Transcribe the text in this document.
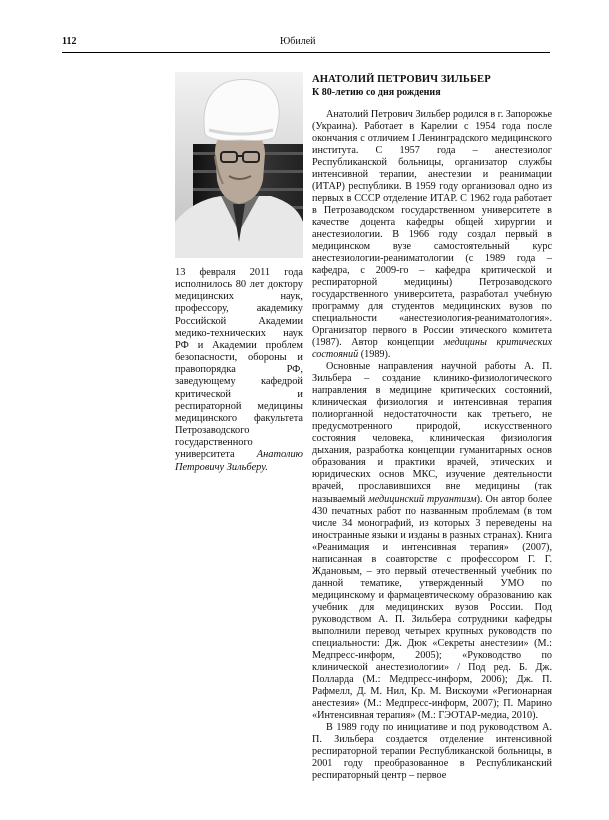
112	Юбилей
13 февраля 2011 года исполнилось 80 лет доктору медицинских наук, профессору, академику Российской Академии медико-технических наук РФ и Академии проблем безопасности, обороны и правопорядка РФ, заведующему кафедрой критической и респираторной медицины медицинского факультета Петрозаводского государственного университета Анатолию Петровичу Зильберу.
АНАТОЛИЙ ПЕТРОВИЧ ЗИЛЬБЕР
К 80-летию со дня рождения

Анатолий Петрович Зильбер родился в г. Запорожье (Украина). Работает в Карелии с 1954 года после окончания с отличием I Ленинградского медицинского института. С 1957 года – анестезиолог Республиканской больницы, организатор службы интенсивной терапии, анестезии и реанимации (ИТАР) республики. В 1959 году организовал одно из первых в СССР отделение ИТАР. С 1962 года работает в Петрозаводском государственном университете в качестве доцента кафедры общей хирургии и анестезиологии. В 1966 году создал первый в медицинском вузе самостоятельный курс анестезиологии-реаниматологии (с 1989 года – кафедра, с 2009-го – кафедра критической и респираторной медицины) Петрозаводского государственного университета, разработал учебную программу для студентов медицинских вузов по специальности «анестезиология-реаниматология». Организатор первого в России этического комитета (1987). Автор концепции медицины критических состояний (1989).

Основные направления научной работы А. П. Зильбера – создание клинико-физиологического направления в медицине критических состояний, клиническая физиология и интенсивная терапия полиорганной недостаточности как третьего, не предусмотренного природой, искусственного состояния человека, клиническая физиология дыхания, разработка концепции гуманитарных основ образования и практики врачей, этических и юридических основ МКС, изучение деятельности врачей, прославившихся вне медицины (так называемый медицинский труантизм). Он автор более 430 печатных работ по названным проблемам (в том числе 34 монографий, из которых 3 переведены на иностранные языки и изданы в разных странах). Книга «Реанимация и интенсивная терапия» (2007), написанная в соавторстве с профессором Г. Г. Ждановым, – это первый отечественный учебник по данной тематике, утвержденный УМО по медицинскому и фармацевтическому образованию как учебник для медицинских вузов России. Под руководством А. П. Зильбера сотрудники кафедры выполнили перевод четырех крупных руководств по специальности: Дж. Дюк «Секреты анестезии» (М.: Медпресс-информ, 2005); «Руководство по клинической анестезиологии» / Под ред. Б. Дж. Полларда (М.: Медпресс-информ, 2006); Дж. П. Рафмелл, Д. М. Нил, Кр. М. Вискоуми «Регионарная анестезия» (М.: Медпресс-информ, 2007); П. Марино «Интенсивная терапия» (М.: ГЭОТАР-медиа, 2010).

В 1989 году по инициативе и под руководством А. П. Зильбера создается отделение интенсивной респираторной терапии Республиканской больницы, в 2001 году преобразованное в Республиканский респираторный центр – первое
